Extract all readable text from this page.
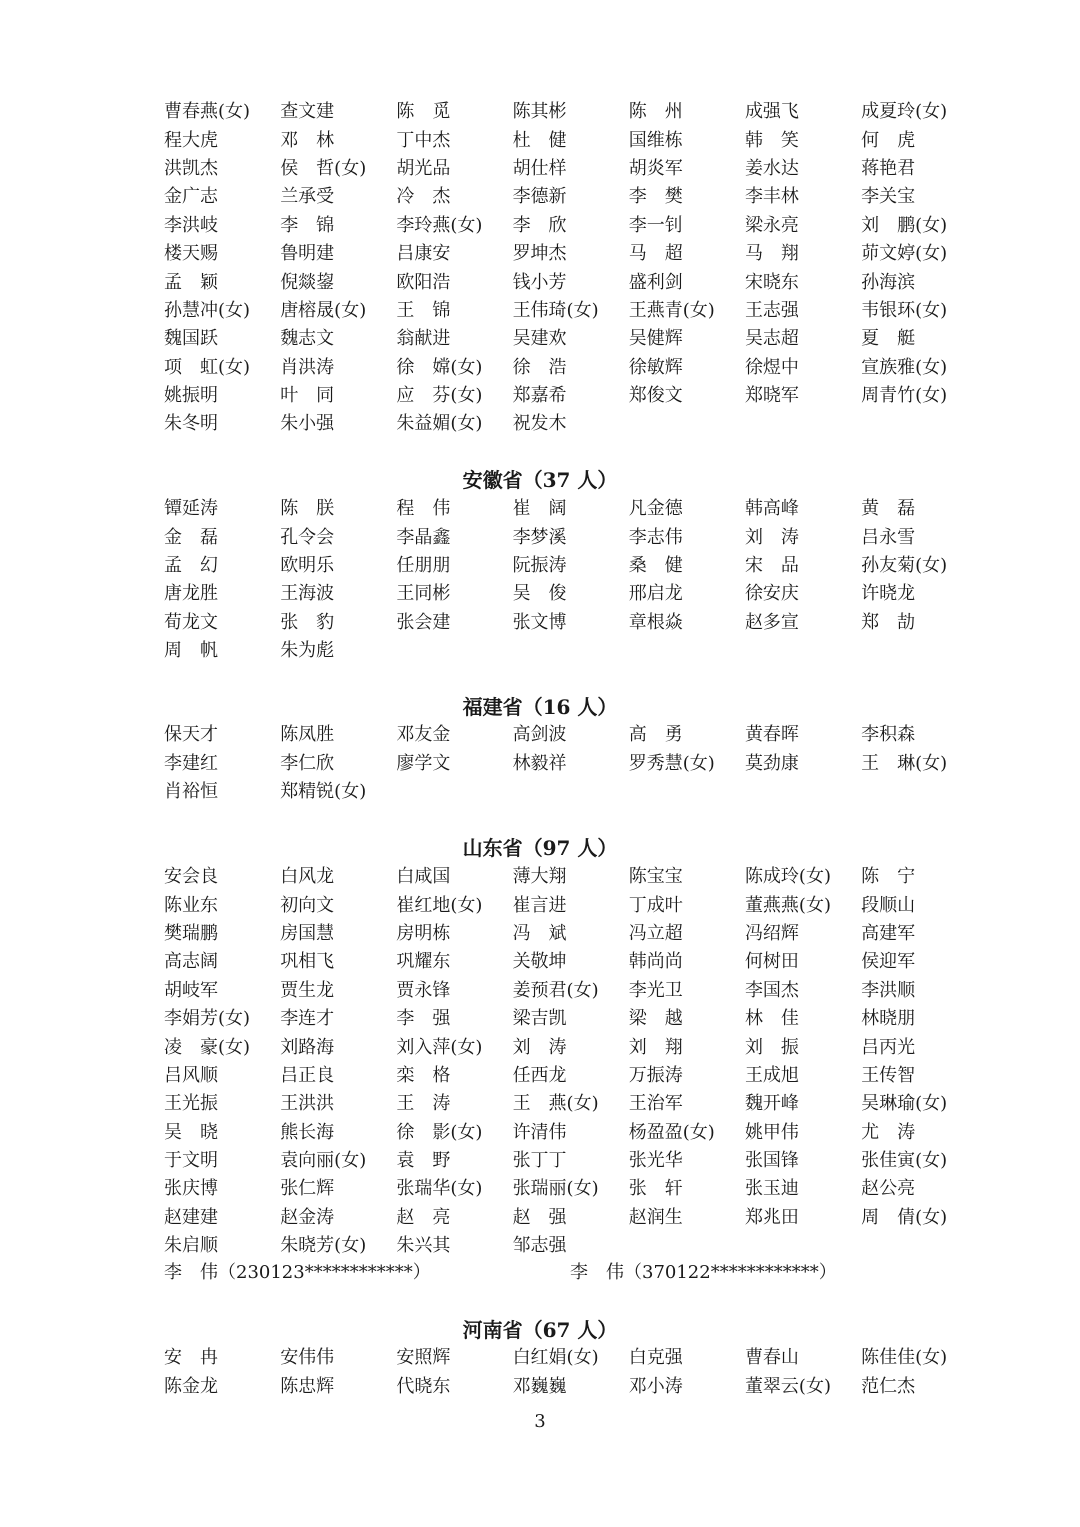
曹春燕(女)	查文建	陈　觅	陈其彬	陈　州	成强飞	成夏玲(女)
程大虎	邓　林	丁中杰	杜　健	国维栋	韩　笑	何　虎
洪凯杰	侯　哲(女)	胡光品	胡仕样	胡炎军	姜水达	蒋艳君
金广志	兰承受	冷　杰	李德新	李　樊	李丰林	李关宝
李洪岐	李　锦	李玲燕(女)	李　欣	李一钊	梁永亮	刘　鹏(女)
楼天赐	鲁明建	吕康安	罗坤杰	马　超	马　翔	茆文婷(女)
孟　颖	倪燚鋆	欧阳浩	钱小芳	盛利剑	宋晓东	孙海滨
孙慧冲(女)	唐榕晟(女)	王　锦	王伟琦(女)	王燕青(女)	王志强	韦银环(女)
魏国跃	魏志文	翁献进	吴建欢	吴健辉	吴志超	夏　艇
项　虹(女)	肖洪涛	徐　嫦(女)	徐　浩	徐敏辉	徐煜中	宣族雅(女)
姚振明	叶　同	应　芬(女)	郑嘉希	郑俊文	郑晓军	周青竹(女)
朱冬明	朱小强	朱益媚(女)	祝发木
安徽省（37 人）
镡延涛	陈　朕	程　伟	崔　阔	凡金德	韩高峰	黄　磊
金　磊	孔令会	李晶鑫	李梦溪	李志伟	刘　涛	吕永雪
孟　幻	欧明乐	任朋朋	阮振涛	桑　健	宋　品	孙友菊(女)
唐龙胜	王海波	王同彬	吴　俊	邢启龙	徐安庆	许晓龙
荀龙文	张　豹	张会建	张文博	章根焱	赵多宣	郑　劼
周　帆	朱为彪
福建省（16 人）
保天才	陈凤胜	邓友金	高剑波	高　勇	黄春晖	李积森
李建红	李仁欣	廖学文	林毅祥	罗秀慧(女)	莫劲康	王　琳(女)
肖裕恒	郑精锐(女)
山东省（97 人）
安会良	白风龙	白咸国	薄大翔	陈宝宝	陈成玲(女)	陈　宁
陈业东	初向文	崔红地(女)	崔言进	丁成叶	董燕燕(女)	段顺山
樊瑞鹏	房国慧	房明栋	冯　斌	冯立超	冯绍辉	高建军
高志阔	巩相飞	巩耀东	关敬坤	韩尚尚	何树田	侯迎军
胡岐军	贾生龙	贾永锋	姜预君(女)	李光卫	李国杰	李洪顺
李娟芳(女)	李连才	李　强	梁吉凯	梁　越	林　佳	林晓朋
凌　豪(女)	刘路海	刘入萍(女)	刘　涛	刘　翔	刘　振	吕丙光
吕风顺	吕正良	栾　格	任西龙	万振涛	王成旭	王传智
王光振	王洪洪	王　涛	王　燕(女)	王治军	魏开峰	吴琳瑜(女)
吴　晓	熊长海	徐　影(女)	许清伟	杨盈盈(女)	姚甲伟	尤　涛
于文明	袁向丽(女)	袁　野	张丁丁	张光华	张国锋	张佳寅(女)
张庆博	张仁辉	张瑞华(女)	张瑞丽(女)	张　轩	张玉迪	赵公亮
赵建建	赵金涛	赵　亮	赵　强	赵润生	郑兆田	周　倩(女)
朱启顺	朱晓芳(女)	朱兴其	邹志强
李　伟（230123************）	李　伟（370122************）
河南省（67 人）
安　冉	安伟伟	安照辉	白红娟(女)	白克强	曹春山	陈佳佳(女)
陈金龙	陈忠辉	代晓东	邓巍巍	邓小涛	董翠云(女)	范仁杰
3
